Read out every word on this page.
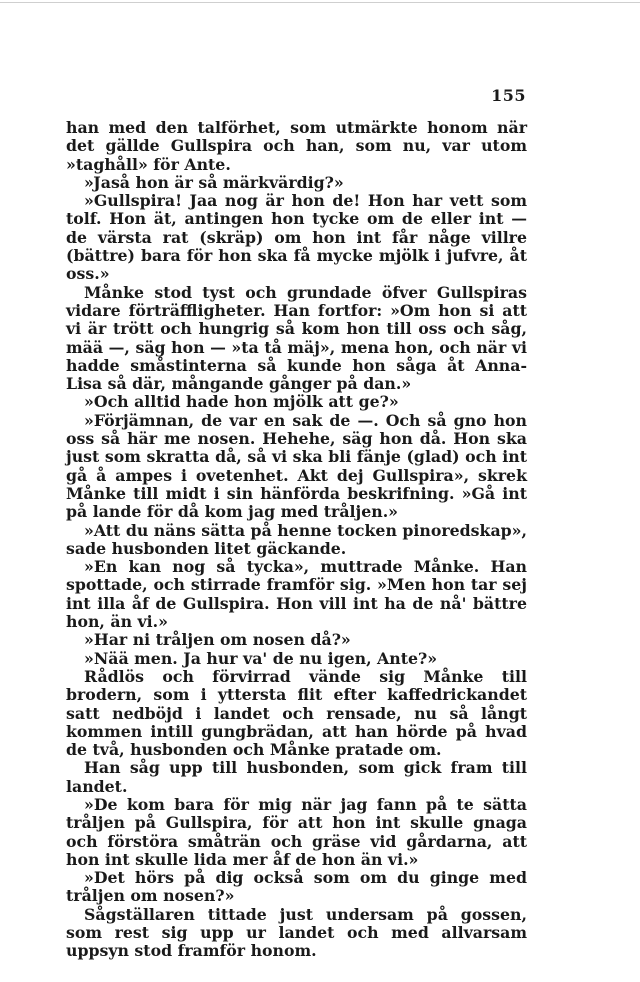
155

han med den talförhet, som utmärkte honom när det gällde Gullspira och han, som nu, var utom »taghåll» för Ante.

»Jaså hon är så märkvärdig?»

»Gullspira! Jaa nog är hon de! Hon har vett som tolf. Hon ät, antingen hon tycke om de eller int — de värsta rat (skräp) om hon int får någe villre (bättre) bara för hon ska få mycke mjölk i jufvre, åt oss.»

Månke stod tyst och grundade öfver Gullspiras vidare förträffligheter. Han fortfor: »Om hon si att vi är trött och hungrig så kom hon till oss och såg, mää —, säg hon — »ta tå mäj», mena hon, och när vi hadde småstinterna så kunde hon såga åt Anna-Lisa så där, mångande gånger på dan.»

»Och alltid hade hon mjölk att ge?»

»Förjämnan, de var en sak de —. Och så gno hon oss så här me nosen. Hehehe, säg hon då. Hon ska just som skratta då, så vi ska bli fänje (glad) och int gå å ampes i ovetenhet. Akt dej Gullspira», skrek Månke till midt i sin hänförda beskrifning. »Gå int på lande för då kom jag med tråljen.»

»Att du näns sätta på henne tocken pinoredskap», sade husbonden litet gäckande.

»En kan nog så tycka», muttrade Månke. Han spottade, och stirrade framför sig. »Men hon tar sej int illa åf de Gullspira. Hon vill int ha de nå' bättre hon, än vi.»

»Har ni tråljen om nosen då?»

»Nää men. Ja hur va' de nu igen, Ante?»

Rådlös och förvirrad vände sig Månke till brodern, som i yttersta flit efter kaffedrickandet satt nedböjd i landet och rensade, nu så långt kommen intill gungbrädan, att han hörde på hvad de två, husbonden och Månke pratade om.

Han såg upp till husbonden, som gick fram till landet.

»De kom bara för mig när jag fann på te sätta tråljen på Gullspira, för att hon int skulle gnaga och förstöra småträn och gräse vid gårdarna, att hon int skulle lida mer åf de hon än vi.»

»Det hörs på dig också som om du ginge med tråljen om nosen?»

Sågställaren tittade just undersam på gossen, som rest sig upp ur landet och med allvarsam uppsyn stod framför honom.
